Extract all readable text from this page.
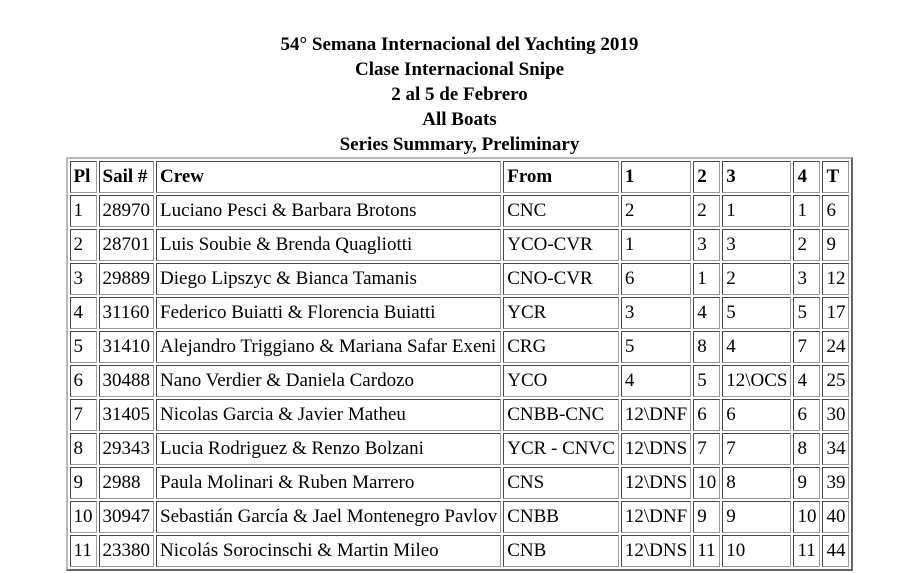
54° Semana Internacional del Yachting 2019
Clase Internacional Snipe
2 al 5 de Febrero
All Boats
Series Summary, Preliminary
Pl	Sail #	Crew	From	1	2	3	4	T
1	28970	Luciano Pesci & Barbara Brotons	CNC	2	2	1	1	6
2	28701	Luis Soubie & Brenda Quagliotti	YCO-CVR	1	3	3	2	9
3	29889	Diego Lipszyc & Bianca Tamanis	CNO-CVR	6	1	2	3	12
4	31160	Federico Buiatti & Florencia Buiatti	YCR	3	4	5	5	17
5	31410	Alejandro Triggiano & Mariana Safar Exeni	CRG	5	8	4	7	24
6	30488	Nano Verdier & Daniela Cardozo	YCO	4	5	12\OCS	4	25
7	31405	Nicolas Garcia & Javier Matheu	CNBB-CNC	12\DNF	6	6	6	30
8	29343	Lucia Rodriguez & Renzo Bolzani	YCR - CNVC	12\DNS	7	7	8	34
9	2988	Paula Molinari & Ruben Marrero	CNS	12\DNS	10	8	9	39
10	30947	Sebastián García & Jael Montenegro Pavlov	CNBB	12\DNF	9	9	10	40
11	23380	Nicolás Sorocinschi & Martin Mileo	CNB	12\DNS	11	10	11	44
